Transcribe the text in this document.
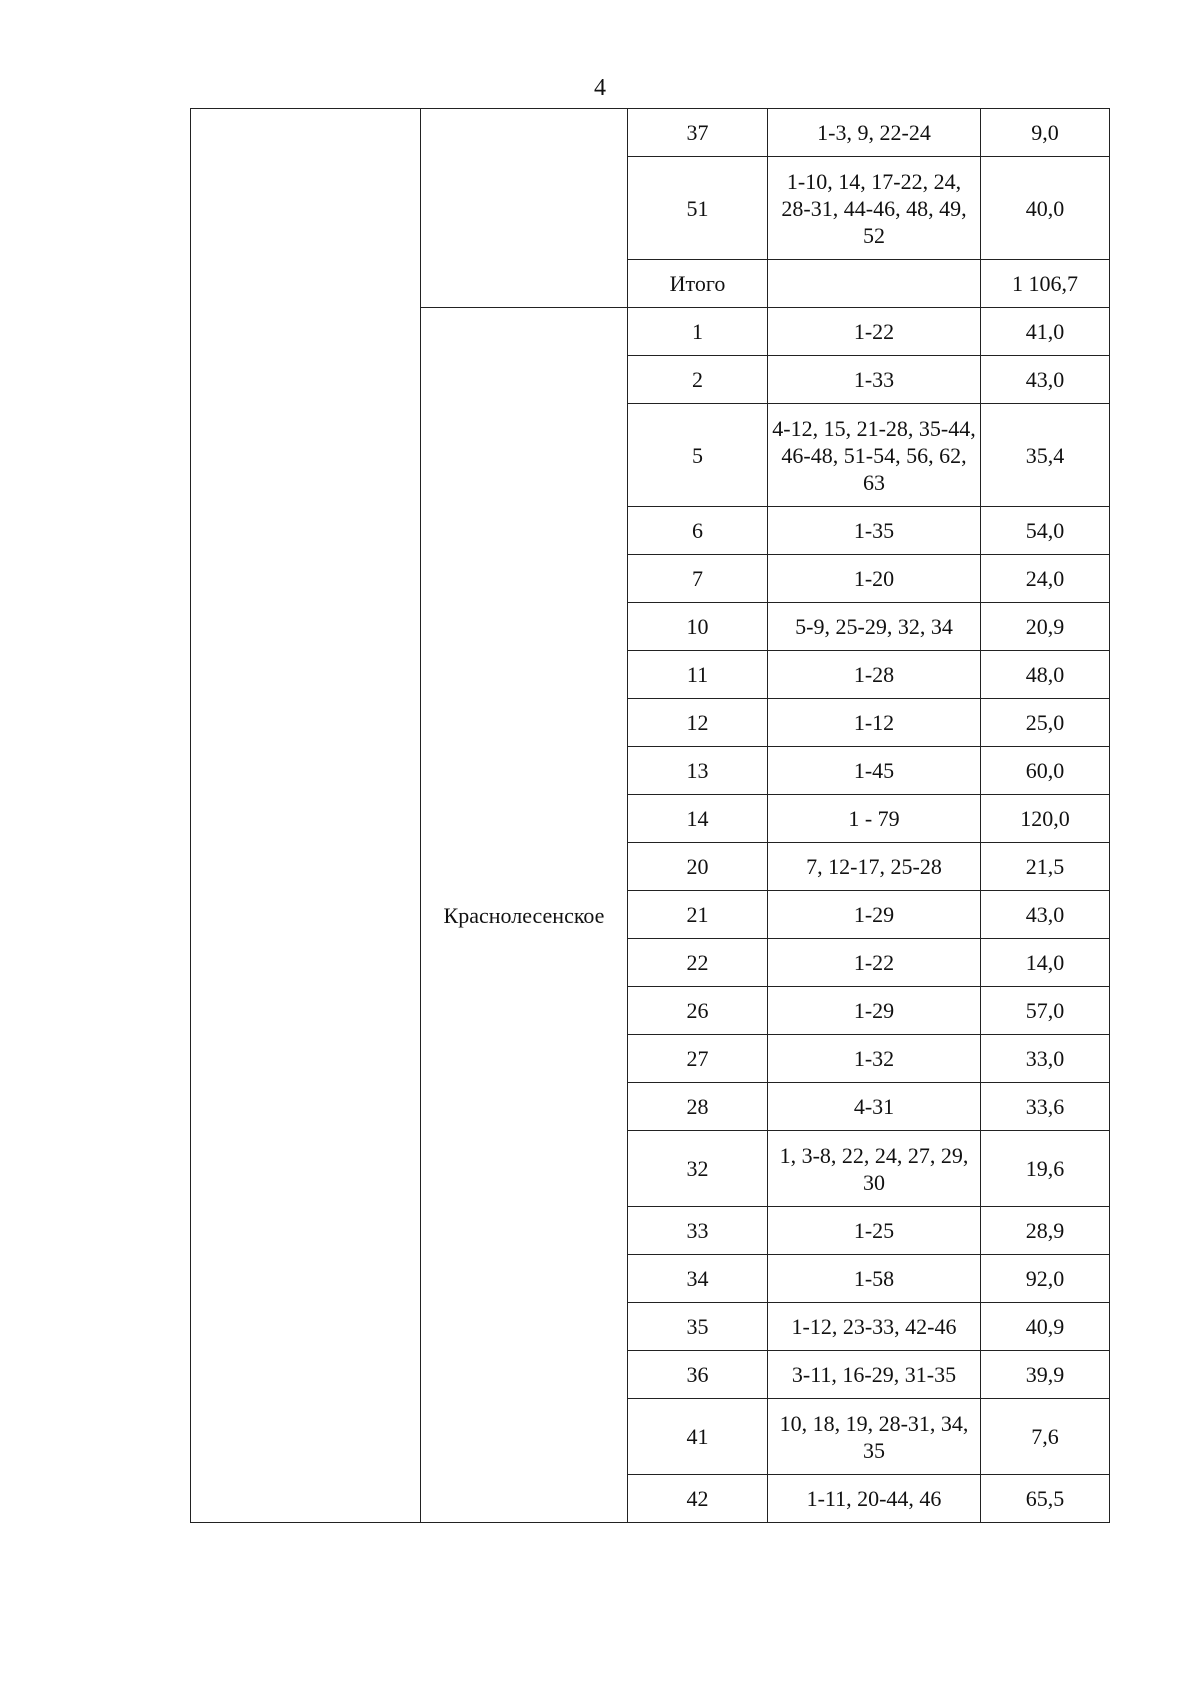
4
		37	1-3, 9, 22-24	9,0
		51	1-10, 14, 17-22, 24, 28-31, 44-46, 48, 49, 52	40,0
		Итого		1 106,7
	Краснолесенское	1	1-22	41,0
		2	1-33	43,0
		5	4-12, 15, 21-28, 35-44, 46-48, 51-54, 56, 62, 63	35,4
		6	1-35	54,0
		7	1-20	24,0
		10	5-9, 25-29, 32, 34	20,9
		11	1-28	48,0
		12	1-12	25,0
		13	1-45	60,0
		14	1 - 79	120,0
		20	7, 12-17, 25-28	21,5
		21	1-29	43,0
		22	1-22	14,0
		26	1-29	57,0
		27	1-32	33,0
		28	4-31	33,6
		32	1, 3-8, 22, 24, 27, 29, 30	19,6
		33	1-25	28,9
		34	1-58	92,0
		35	1-12, 23-33, 42-46	40,9
		36	3-11, 16-29, 31-35	39,9
		41	10, 18, 19, 28-31, 34, 35	7,6
		42	1-11, 20-44, 46	65,5
